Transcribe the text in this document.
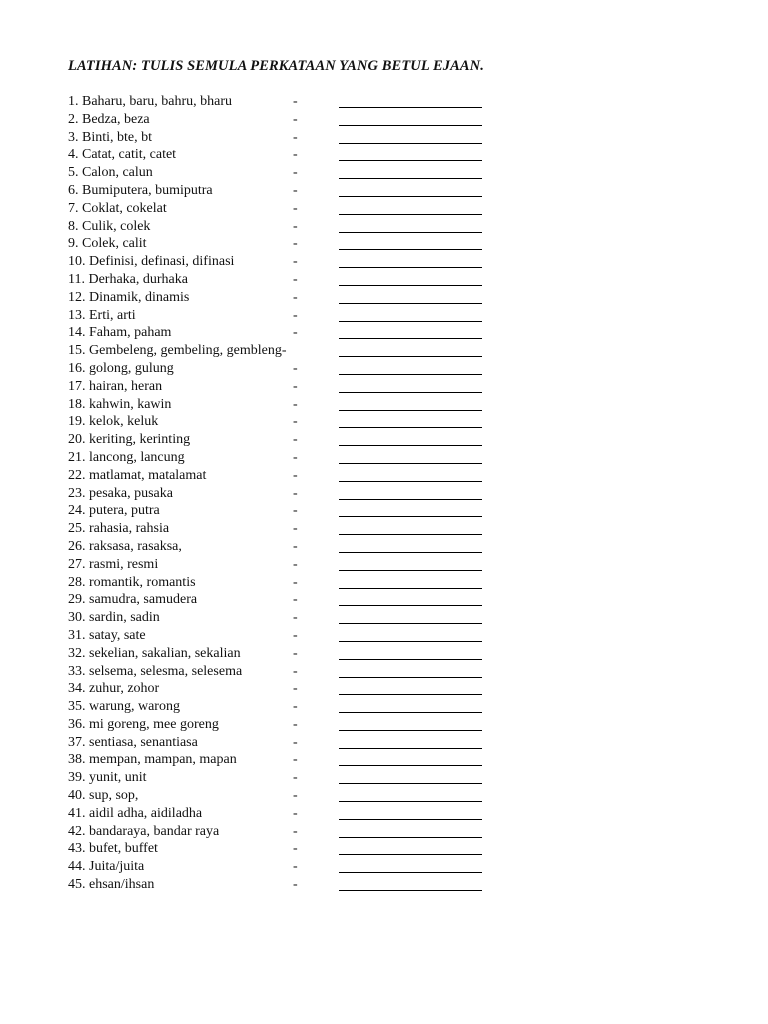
LATIHAN: TULIS SEMULA PERKATAAN YANG BETUL EJAAN.
1. Baharu, baru, bahru, bharu	-
2. Bedza, beza	-
3. Binti, bte, bt	-
4. Catat, catit, catet	-
5. Calon, calun	-
6. Bumiputera, bumiputra	-
7. Coklat, cokelat	-
8. Culik, colek	-
9. Colek, calit	-
10. Definisi, definasi, difinasi	-
11. Derhaka, durhaka	-
12. Dinamik, dinamis	-
13. Erti, arti	-
14. Faham, paham	-
15. Gembeleng, gembeling, gembleng-
16. golong, gulung	-
17. hairan, heran	-
18. kahwin, kawin	-
19. kelok, keluk	-
20. keriting, kerinting	-
21. lancong, lancung	-
22. matlamat, matalamat	-
23. pesaka, pusaka	-
24. putera, putra	-
25. rahasia, rahsia	-
26. raksasa, rasaksa,	-
27. rasmi, resmi	-
28. romantik, romantis	-
29. samudra, samudera	-
30. sardin, sadin	-
31. satay, sate	-
32. sekelian, sakalian, sekalian	-
33. selsema, selesma, selesema	-
34. zuhur, zohor	-
35. warung, warong	-
36. mi goreng, mee goreng	-
37. sentiasa, senantiasa	-
38. mempan, mampan, mapan	-
39. yunit, unit	-
40. sup, sop,	-
41. aidil adha, aidiladha	-
42. bandaraya, bandar raya	-
43. bufet, buffet	-
44. Juita/juita	-
45. ehsan/ihsan	-
